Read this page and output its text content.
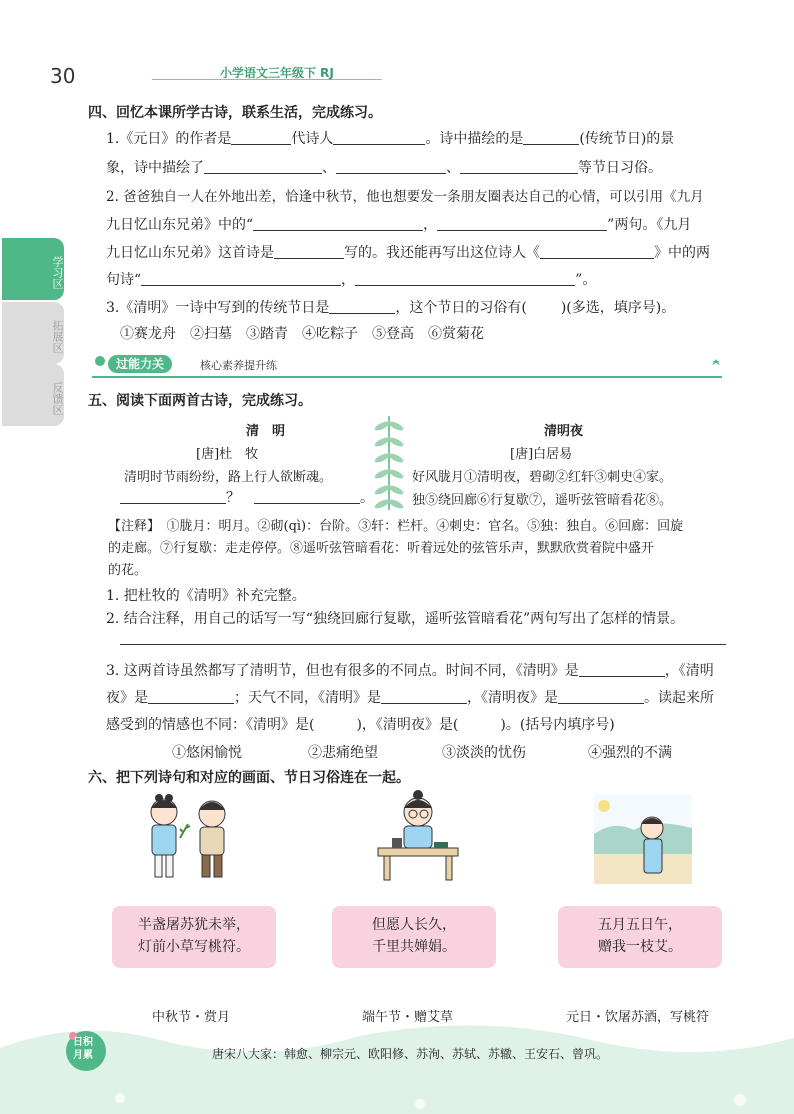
30	小学语文三年级下 RJ
学习区
拓展区
反馈区
四、回忆本课所学古诗，联系生活，完成练习。
1.《元日》的作者是	代诗人	。诗中描绘的是	(传统节日)的景
象，诗中描绘了	、	、	等节日习俗。
2. 爸爸独自一人在外地出差，恰逢中秋节，他也想要发一条朋友圈表达自己的心情，可以引用《九月
九日忆山东兄弟》中的“	，	”两句。《九月
九日忆山东兄弟》这首诗是	写的。我还能再写出这位诗人《	》中的两
句诗“	，	”。
3.《清明》一诗中写到的传统节日是	，这个节日的习俗有( )(多选，填序号)。
①赛龙舟　②扫墓　③踏青　④吃粽子　⑤登高　⑥赏菊花
过能力关	核心素养提升练
五、阅读下面两首古诗，完成练习。
清　明
[唐]杜　牧
清明时节雨纷纷，路上行人欲断魂。
？　	。
清明夜
[唐]白居易
好风胧月①清明夜，碧砌②红轩③刺史④家。
独⑤绕回廊⑥行复歇⑦，遥听弦管暗看花⑧。
【注释】　①胧月：明月。②砌(qì)：台阶。③轩：栏杆。④刺史：官名。⑤独：独自。⑥回廊：回旋
的走廊。⑦行复歇：走走停停。⑧遥听弦管暗看花：听着远处的弦管乐声，默默欣赏着院中盛开
的花。
1. 把杜牧的《清明》补充完整。
2. 结合注释，用自己的话写一写“独绕回廊行复歇，遥听弦管暗看花”两句写出了怎样的情景。
3. 这两首诗虽然都写了清明节，但也有很多的不同点。时间不同，《清明》是	，《清明
夜》是	；天气不同，《清明》是	，《清明夜》是	。读起来所
感受到的情感也不同：《清明》是(　　　)，《清明夜》是(　　　)。(括号内填序号)
①悠闲愉悦	②悲痛绝望	③淡淡的忧伤	④强烈的不满
六、把下列诗句和对应的画面、节日习俗连在一起。
半盏屠苏犹未举，
灯前小草写桃符。
但愿人长久，
千里共婵娟。
五月五日午，
赠我一枝艾。
中秋节・赏月	端午节・赠艾草	元日・饮屠苏酒，写桃符
日积
月累	唐宋八大家：韩愈、柳宗元、欧阳修、苏洵、苏轼、苏辙、王安石、曾巩。
